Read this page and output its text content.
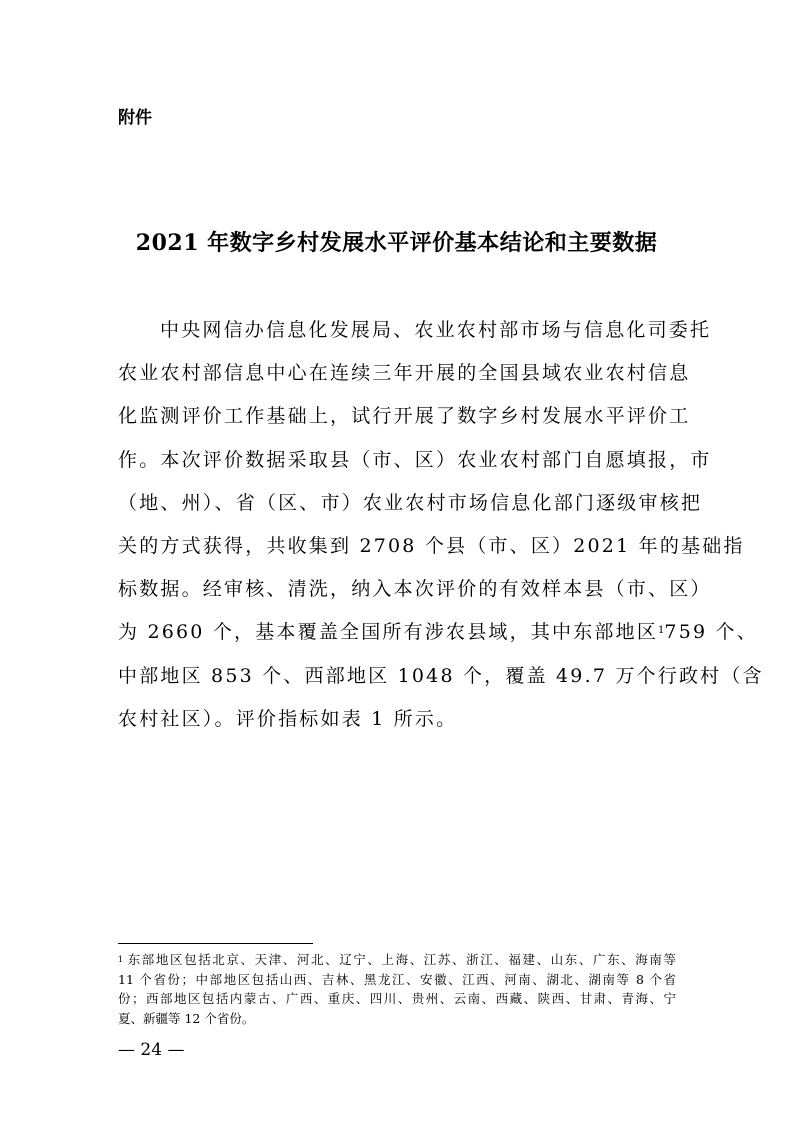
附件
2021 年数字乡村发展水平评价基本结论和主要数据
中央网信办信息化发展局、农业农村部市场与信息化司委托
农业农村部信息中心在连续三年开展的全国县域农业农村信息
化监测评价工作基础上，试行开展了数字乡村发展水平评价工
作。本次评价数据采取县（市、区）农业农村部门自愿填报，市
（地、州）、省（区、市）农业农村市场信息化部门逐级审核把
关的方式获得，共收集到 2708 个县（市、区）2021 年的基础指
标数据。经审核、清洗，纳入本次评价的有效样本县（市、区）
为 2660 个，基本覆盖全国所有涉农县域，其中东部地区$^1$759 个、
中部地区 853 个、西部地区 1048 个，覆盖 49.7 万个行政村（含
农村社区）。评价指标如表 1 所示。
$^1$ 东部地区包括北京、天津、河北、辽宁、上海、江苏、浙江、福建、山东、广东、海南等
11 个省份；中部地区包括山西、吉林、黑龙江、安徽、江西、河南、湖北、湖南等 8 个省
份；西部地区包括内蒙古、广西、重庆、四川、贵州、云南、西藏、陕西、甘肃、青海、宁
夏、新疆等 12 个省份。
— 24 —
